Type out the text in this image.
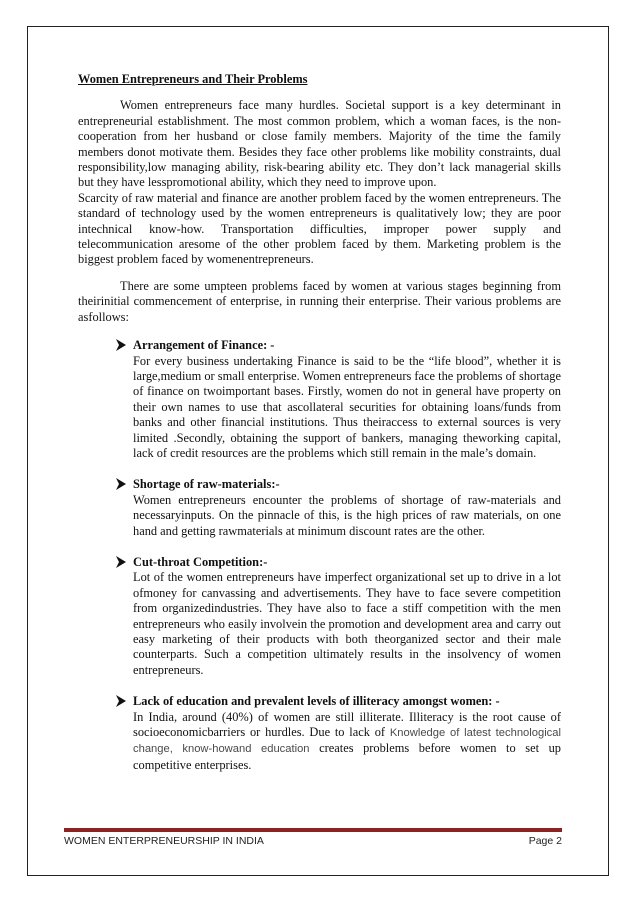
Women Entrepreneurs and Their Problems

Women entrepreneurs face many hurdles. Societal support is a key determinant in entrepreneurial establishment. The most common problem, which a woman faces, is the non-cooperation from her husband or close family members. Majority of the time the family members donot motivate them. Besides they face other problems like mobility constraints, dual responsibility,low managing ability, risk-bearing ability etc. They don’t lack managerial skills but they have lesspromotional ability, which they need to improve upon.

Scarcity of raw material and finance are another problem faced by the women entrepreneurs. The standard of technology used by the women entrepreneurs is qualitatively low; they are poor intechnical know-how. Transportation difficulties, improper power supply and telecommunication aresome of the other problem faced by them. Marketing problem is the biggest problem faced by womenentrepreneurs.

There are some umpteen problems faced by women at various stages beginning from theirinitial commencement of enterprise, in running their enterprise. Their various problems are asfollows:

Arrangement of Finance: -
For every business undertaking Finance is said to be the “life blood”, whether it is large,medium or small enterprise. Women entrepreneurs face the problems of shortage of finance on twoimportant bases. Firstly, women do not in general have property on their own names to use that ascollateral securities for obtaining loans/funds from banks and other financial institutions. Thus theiraccess to external sources is very limited .Secondly, obtaining the support of bankers, managing theworking capital, lack of credit resources are the problems which still remain in the male’s domain.
Shortage of raw-materials:-
Women entrepreneurs encounter the problems of shortage of raw-materials and necessaryinputs. On the pinnacle of this, is the high prices of raw materials, on one hand and getting rawmaterials at minimum discount rates are the other.
Cut-throat Competition:-
Lot of the women entrepreneurs have imperfect organizational set up to drive in a lot ofmoney for canvassing and advertisements. They have to face severe competition from organizedindustries. They have also to face a stiff competition with the men entrepreneurs who easily involvein the promotion and development area and carry out easy marketing of their products with both theorganized sector and their male counterparts. Such a competition ultimately results in the insolvency of women entrepreneurs.
Lack of education and prevalent levels of illiteracy amongst women: -
In India, around (40%) of women are still illiterate. Illiteracy is the root cause of socioeconomicbarriers or hurdles. Due to lack of Knowledge of latest technological change, know-howand education creates problems before women to set up competitive enterprises.
WOMEN ENTERPRENEURSHIP IN INDIA	Page 2
